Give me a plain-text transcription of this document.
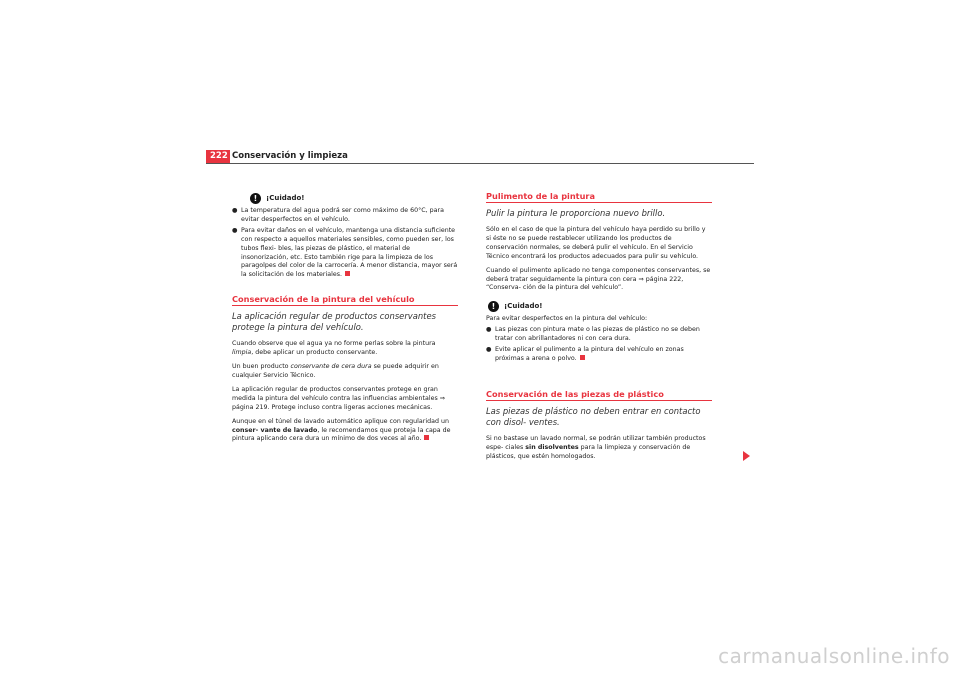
222 Conservación y limpieza
!	¡Cuidado!
● La temperatura del agua podrá ser como máximo de 60°C, para evitar desperfectos en el vehículo.
● Para evitar daños en el vehículo, mantenga una distancia suficiente con respecto a aquellos materiales sensibles, como pueden ser, los tubos flexi- bles, las piezas de plástico, el material de insonorización, etc. Esto también rige para la limpieza de los paragolpes del color de la carrocería. A menor distancia, mayor será la solicitación de los materiales.
Conservación de la pintura del vehículo
La aplicación regular de productos conservantes protege la pintura del vehículo.

Cuando observe que el agua ya no forme perlas sobre la pintura limpia, debe aplicar un producto conservante.

Un buen producto conservante de cera dura se puede adquirir en cualquier Servicio Técnico.

La aplicación regular de productos conservantes protege en gran medida la pintura del vehículo contra las influencias ambientales ⇒ página 219. Protege incluso contra ligeras acciones mecánicas.

Aunque en el túnel de lavado automático aplique con regularidad un conser- vante de lavado, le recomendamos que proteja la capa de pintura aplicando cera dura un mínimo de dos veces al año.

Pulimento de la pintura
Pulir la pintura le proporciona nuevo brillo.

Sólo en el caso de que la pintura del vehículo haya perdido su brillo y si éste no se puede restablecer utilizando los productos de conservación normales, se deberá pulir el vehículo. En el Servicio Técnico encontrará los productos adecuados para pulir su vehículo.

Cuando el pulimento aplicado no tenga componentes conservantes, se deberá tratar seguidamente la pintura con cera ⇒ página 222, “Conserva- ción de la pintura del vehículo”.

!	¡Cuidado!

Para evitar desperfectos en la pintura del vehículo:

● Las piezas con pintura mate o las piezas de plástico no se deben tratar con abrillantadores ni con cera dura.
● Evite aplicar el pulimento a la pintura del vehículo en zonas próximas a arena o polvo.
Conservación de las piezas de plástico
Las piezas de plástico no deben entrar en contacto con disol- ventes.

Si no bastase un lavado normal, se podrán utilizar también productos espe- ciales sin disolventes para la limpieza y conservación de plásticos, que estén homologados.

carmanualsonline.info
